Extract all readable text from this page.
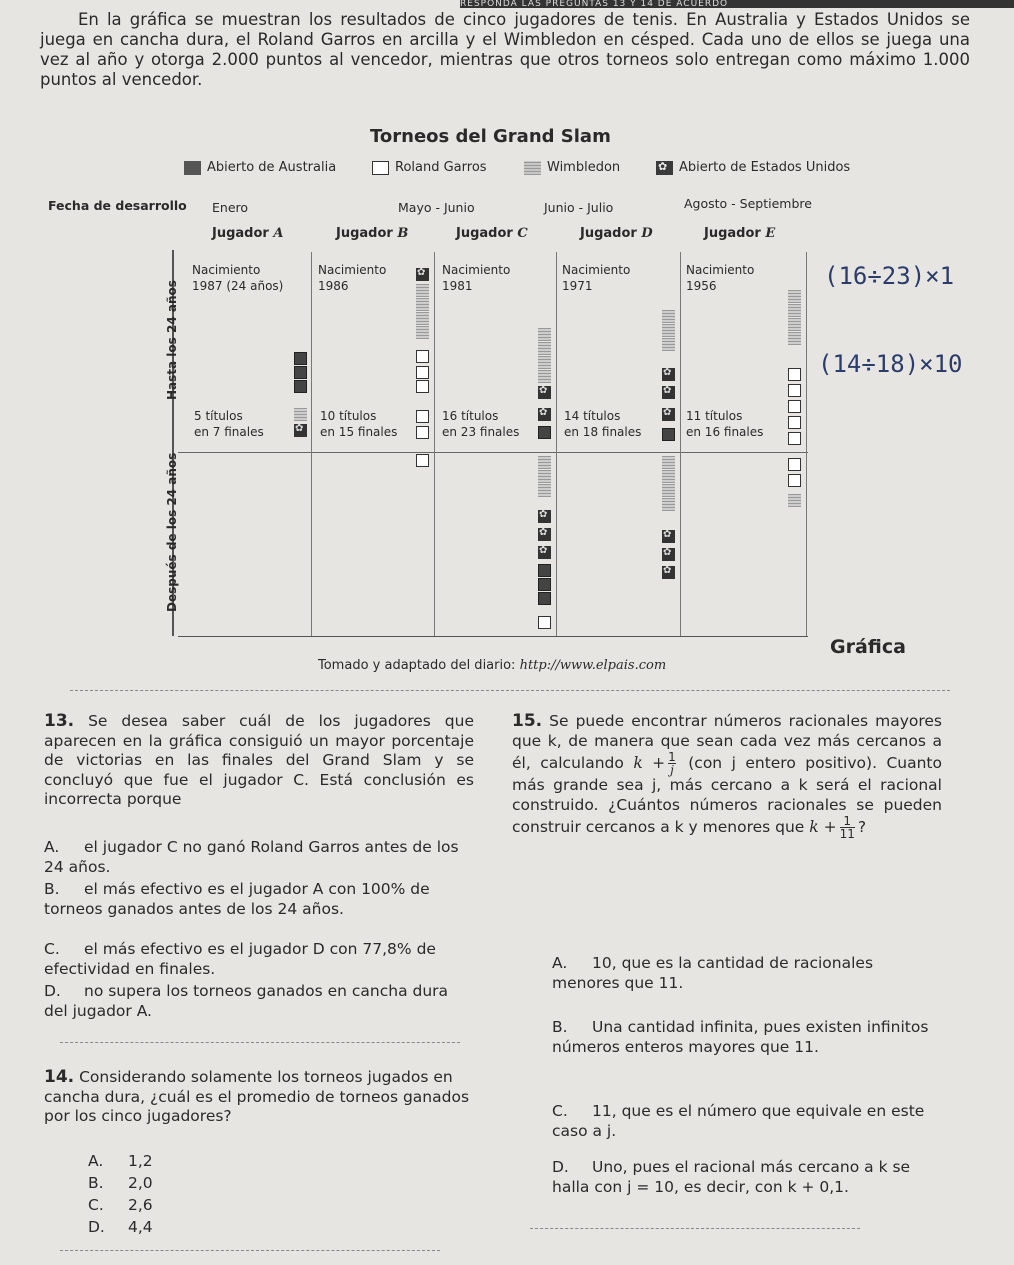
RESPONDA LAS PREGUNTAS 13 Y 14 DE ACUERDO

En la gráfica se muestran los resultados de cinco jugadores de tenis. En Australia y Estados Unidos se juega en cancha dura, el Roland Garros en arcilla y el Wimbledon en césped. Cada uno de ellos se juega una vez al año y otorga 2.000 puntos al vencedor, mientras que otros torneos solo entregan como máximo 1.000 puntos al vencedor.

Torneos del Grand Slam
Abierto de Australia	Roland Garros	Wimbledon
✿	Abierto de Estados Unidos
Fecha de desarrollo Enero	Mayo - Junio	Junio - Julio	Agosto - Septiembre
Jugador A	Jugador B	Jugador C	Jugador D	Jugador E
Hasta los 24 años
Después de los 24 años
Nacimiento
1987 (24 años)
Nacimiento
1986
Nacimiento
1981
Nacimiento
1971
Nacimiento
1956
5 títulos
en 7 finales
10 títulos
en 15 finales
16 títulos
en 23 finales
14 títulos
en 18 finales
11 títulos
en 16 finales
✿
✿
✿
✿
✿
✿
✿
✿
✿
✿
✿
✿
✿
Gráfica
Tomado y adaptado del diario: http://www.elpais.com
(16÷23)×1
(14÷18)×10
13. Se desea saber cuál de los jugadores que aparecen en la gráfica consiguió un mayor porcentaje de victorias en las finales del Grand Slam y se concluyó que fue el jugador C. Está conclusión es incorrecta porque
A. el jugador C no ganó Roland Garros antes de los 24 años.
B. el más efectivo es el jugador A con 100% de torneos ganados antes de los 24 años.
C. el más efectivo es el jugador D con 77,8% de efectividad en finales.
D. no supera los torneos ganados en cancha dura del jugador A.
14. Considerando solamente los torneos jugados en cancha dura, ¿cuál es el promedio de torneos ganados por los cinco jugadores?
A. 1,2
B. 2,0
C. 2,6
D. 4,4
15. Se puede encontrar números racionales mayores que k, de manera que sean cada vez más cercanos a él, calculando $k + \frac{1}{j} (con$ j entero positivo). Cuanto más grande sea j, más cercano a k será el racional construido. ¿Cuántos números racionales se pueden construir cercanos a k y menores que $k + \frac{1}{11}$ ?
A. 10, que es la cantidad de racionales menores que 11.
B. Una cantidad infinita, pues existen infinitos números enteros mayores que 11.
C. 11, que es el número que equivale en este caso a j.
D. Uno, pues el racional más cercano a k se halla con j = 10, es decir, con k + 0,1.
